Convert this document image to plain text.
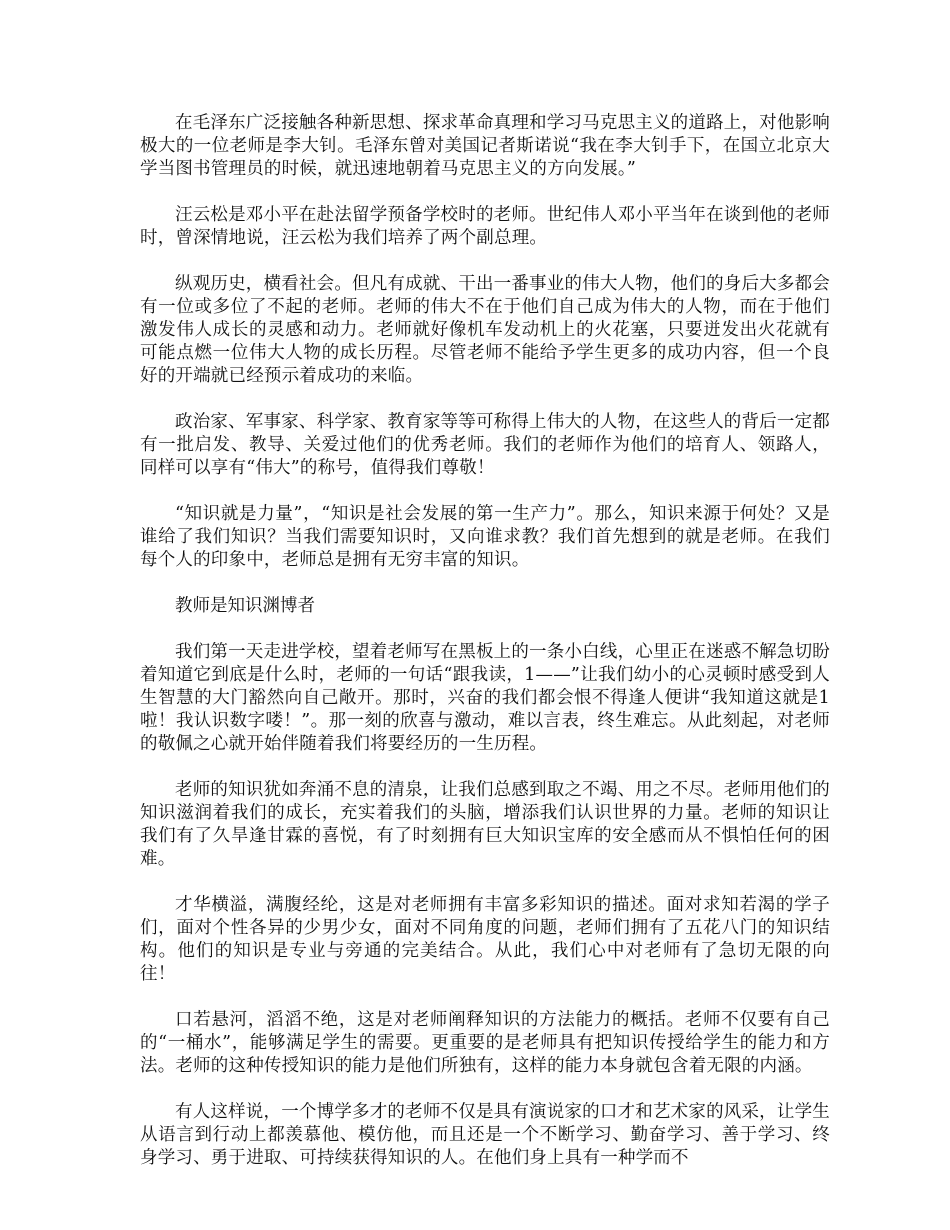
在毛泽东广泛接触各种新思想、探求革命真理和学习马克思主义的道路上，对他影响极大的一位老师是李大钊。毛泽东曾对美国记者斯诺说“我在李大钊手下，在国立北京大学当图书管理员的时候，就迅速地朝着马克思主义的方向发展。”

汪云松是邓小平在赴法留学预备学校时的老师。世纪伟人邓小平当年在谈到他的老师时，曾深情地说，汪云松为我们培养了两个副总理。

纵观历史，横看社会。但凡有成就、干出一番事业的伟大人物，他们的身后大多都会有一位或多位了不起的老师。老师的伟大不在于他们自己成为伟大的人物，而在于他们激发伟人成长的灵感和动力。老师就好像机车发动机上的火花塞，只要迸发出火花就有可能点燃一位伟大人物的成长历程。尽管老师不能给予学生更多的成功内容，但一个良好的开端就已经预示着成功的来临。

政治家、军事家、科学家、教育家等等可称得上伟大的人物，在这些人的背后一定都有一批启发、教导、关爱过他们的优秀老师。我们的老师作为他们的培育人、领路人，同样可以享有“伟大”的称号，值得我们尊敬！

“知识就是力量”，“知识是社会发展的第一生产力”。那么，知识来源于何处？又是谁给了我们知识？当我们需要知识时，又向谁求教？我们首先想到的就是老师。在我们每个人的印象中，老师总是拥有无穷丰富的知识。

教师是知识渊博者

我们第一天走进学校，望着老师写在黑板上的一条小白线，心里正在迷惑不解急切盼着知道它到底是什么时，老师的一句话“跟我读，1——”让我们幼小的心灵顿时感受到人生智慧的大门豁然向自己敞开。那时，兴奋的我们都会恨不得逢人便讲“我知道这就是1啦！我认识数字喽！”。那一刻的欣喜与激动，难以言表，终生难忘。从此刻起，对老师的敬佩之心就开始伴随着我们将要经历的一生历程。

老师的知识犹如奔涌不息的清泉，让我们总感到取之不竭、用之不尽。老师用他们的知识滋润着我们的成长，充实着我们的头脑，增添我们认识世界的力量。老师的知识让我们有了久旱逢甘霖的喜悦，有了时刻拥有巨大知识宝库的安全感而从不惧怕任何的困难。

才华横溢，满腹经纶，这是对老师拥有丰富多彩知识的描述。面对求知若渴的学子们，面对个性各异的少男少女，面对不同角度的问题，老师们拥有了五花八门的知识结构。他们的知识是专业与旁通的完美结合。从此，我们心中对老师有了急切无限的向往！

口若悬河，滔滔不绝，这是对老师阐释知识的方法能力的概括。老师不仅要有自己的“一桶水”，能够满足学生的需要。更重要的是老师具有把知识传授给学生的能力和方法。老师的这种传授知识的能力是他们所独有，这样的能力本身就包含着无限的内涵。

有人这样说，一个博学多才的老师不仅是具有演说家的口才和艺术家的风采，让学生从语言到行动上都羡慕他、模仿他，而且还是一个不断学习、勤奋学习、善于学习、终身学习、勇于进取、可持续获得知识的人。在他们身上具有一种学而不
